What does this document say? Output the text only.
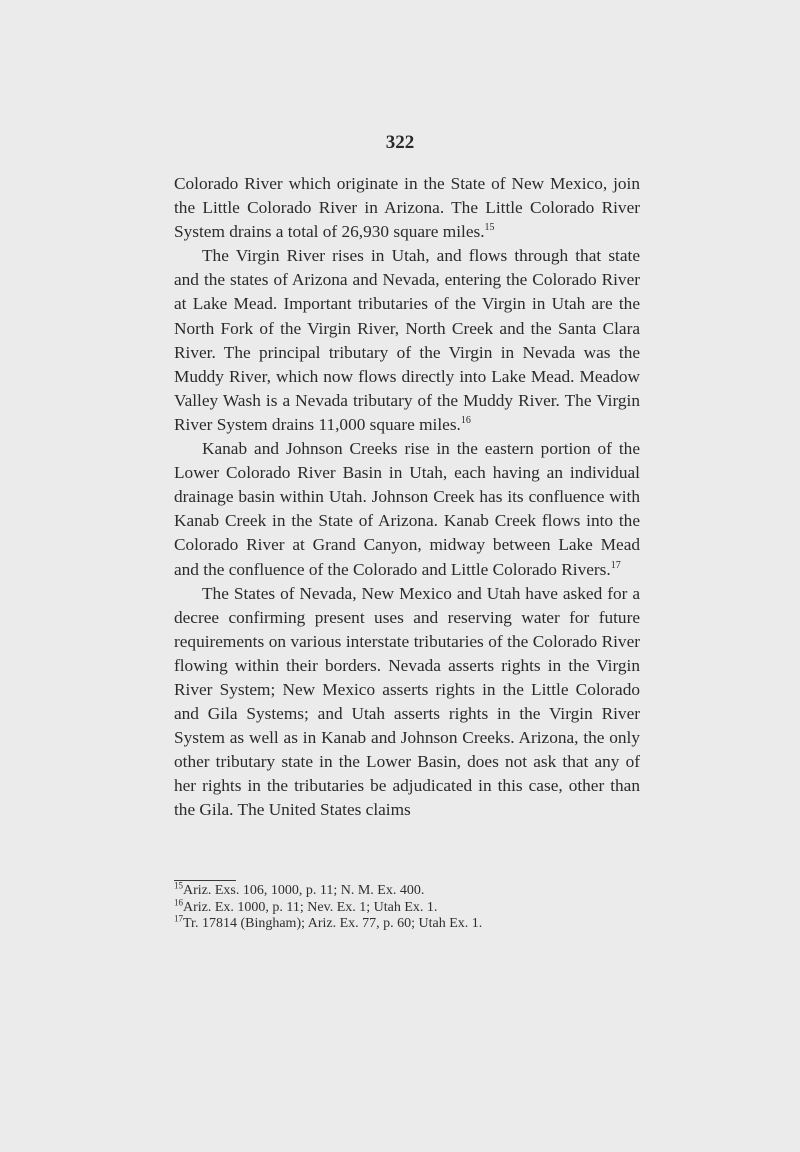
322

Colorado River which originate in the State of New Mexico, join the Little Colorado River in Arizona. The Little Colorado River System drains a total of 26,930 square miles.$^{15}$

The Virgin River rises in Utah, and flows through that state and the states of Arizona and Nevada, entering the Colorado River at Lake Mead. Important tributaries of the Virgin in Utah are the North Fork of the Virgin River, North Creek and the Santa Clara River. The principal tributary of the Virgin in Nevada was the Muddy River, which now flows directly into Lake Mead. Meadow Valley Wash is a Nevada tributary of the Muddy River. The Virgin River System drains 11,000 square miles.$^{16}$

Kanab and Johnson Creeks rise in the eastern portion of the Lower Colorado River Basin in Utah, each having an individual drainage basin within Utah. Johnson Creek has its confluence with Kanab Creek in the State of Arizona. Kanab Creek flows into the Colorado River at Grand Canyon, midway between Lake Mead and the confluence of the Colorado and Little Colorado Rivers.$^{17}$

The States of Nevada, New Mexico and Utah have asked for a decree confirming present uses and reserving water for future requirements on various interstate tributaries of the Colorado River flowing within their borders. Nevada asserts rights in the Virgin River System; New Mexico asserts rights in the Little Colorado and Gila Systems; and Utah asserts rights in the Virgin River System as well as in Kanab and Johnson Creeks. Arizona, the only other tributary state in the Lower Basin, does not ask that any of her rights in the tributaries be adjudicated in this case, other than the Gila. The United States claims

$^{15}$Ariz. Exs. 106, 1000, p. 11; N. M. Ex. 400.

$^{16}$Ariz. Ex. 1000, p. 11; Nev. Ex. 1; Utah Ex. 1.

$^{17}$Tr. 17814 (Bingham); Ariz. Ex. 77, p. 60; Utah Ex. 1.
